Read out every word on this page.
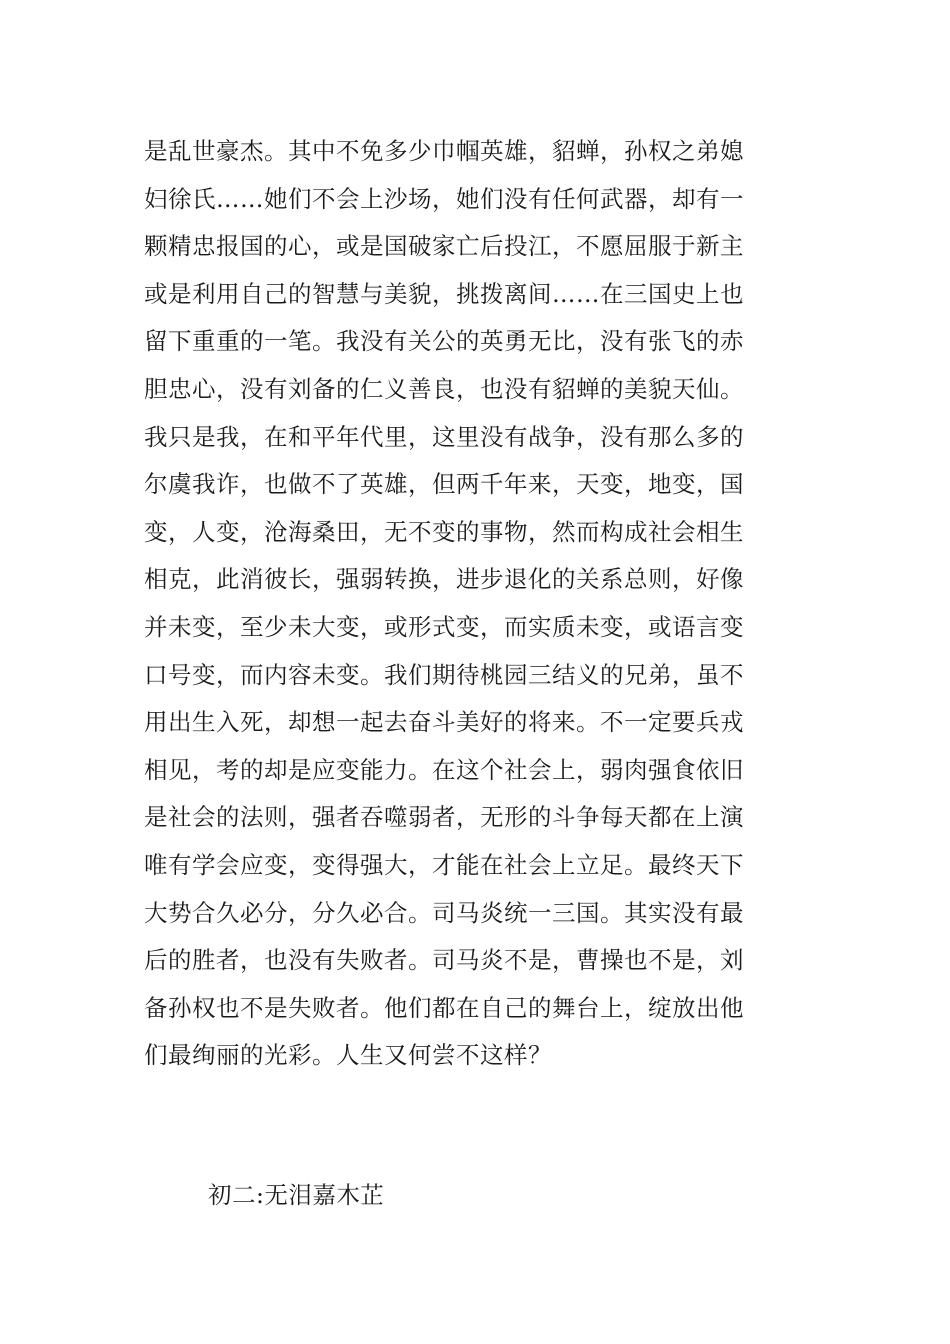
是乱世豪杰。其中不免多少巾帼英雄，貂蝉，孙权之弟媳
妇徐氏……她们不会上沙场，她们没有任何武器，却有一
颗精忠报国的心，或是国破家亡后投江，不愿屈服于新主
或是利用自己的智慧与美貌，挑拨离间……在三国史上也
留下重重的一笔。我没有关公的英勇无比，没有张飞的赤
胆忠心，没有刘备的仁义善良，也没有貂蝉的美貌天仙。
我只是我，在和平年代里，这里没有战争，没有那么多的
尔虞我诈，也做不了英雄，但两千年来，天变，地变，国
变，人变，沧海桑田，无不变的事物，然而构成社会相生
相克，此消彼长，强弱转换，进步退化的关系总则，好像
并未变，至少未大变，或形式变，而实质未变，或语言变
口号变，而内容未变。我们期待桃园三结义的兄弟，虽不
用出生入死，却想一起去奋斗美好的将来。不一定要兵戎
相见，考的却是应变能力。在这个社会上，弱肉强食依旧
是社会的法则，强者吞噬弱者，无形的斗争每天都在上演
唯有学会应变，变得强大，才能在社会上立足。最终天下
大势合久必分，分久必合。司马炎统一三国。其实没有最
后的胜者，也没有失败者。司马炎不是，曹操也不是，刘
备孙权也不是失败者。他们都在自己的舞台上，绽放出他
们最绚丽的光彩。人生又何尝不这样？
初二:无泪嘉木芷
